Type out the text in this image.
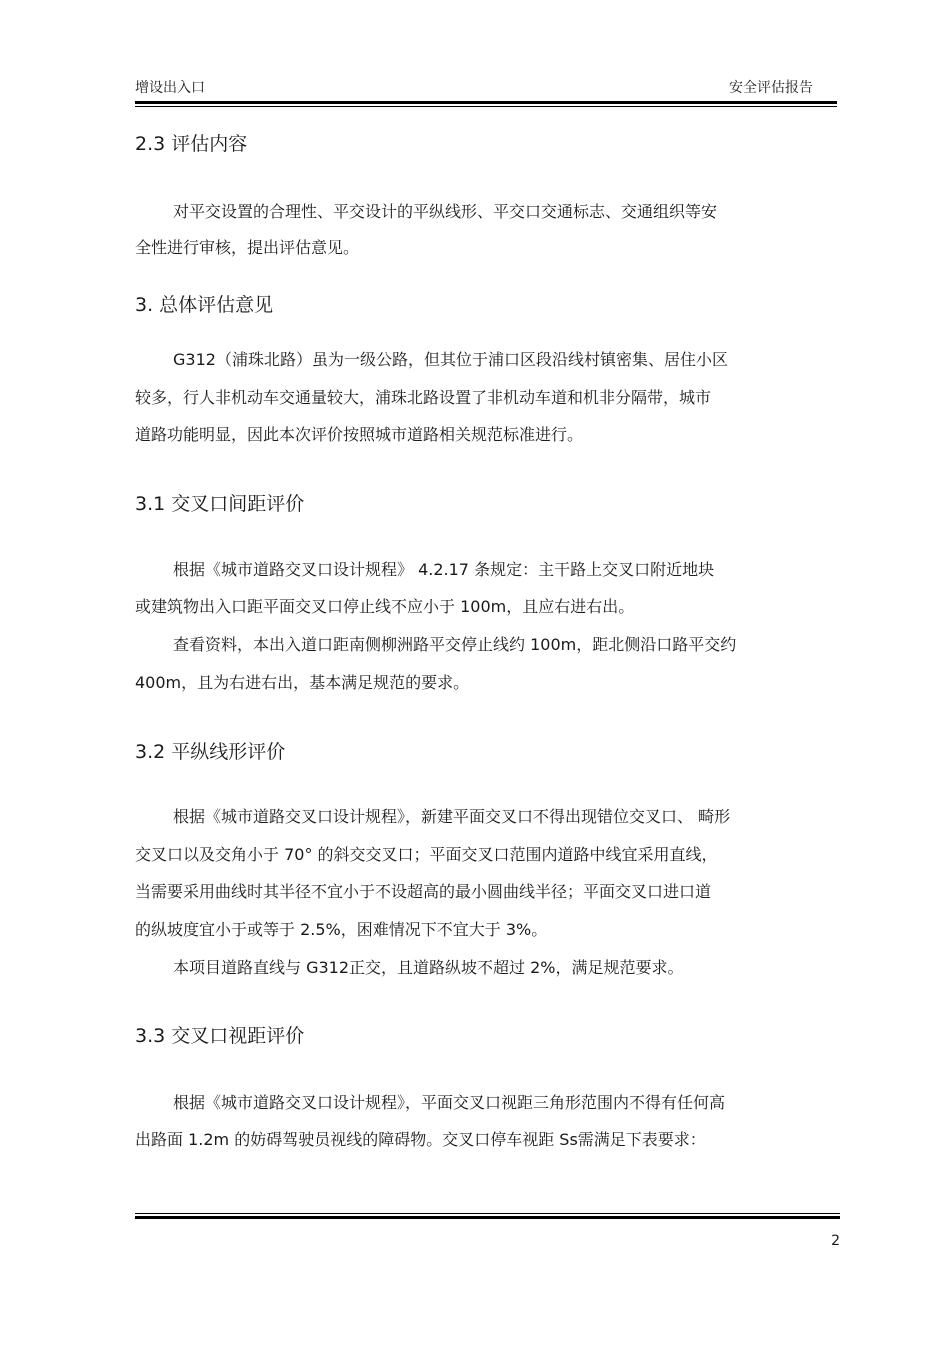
增设出入口	安全评估报告
2.3 评估内容
对平交设置的合理性、平交设计的平纵线形、平交口交通标志、交通组织等安
全性进行审核，提出评估意见。
3. 总体评估意见
G312（浦珠北路）虽为一级公路，但其位于浦口区段沿线村镇密集、居住小区
较多，行人非机动车交通量较大，浦珠北路设置了非机动车道和机非分隔带，城市
道路功能明显，因此本次评价按照城市道路相关规范标准进行。
3.1 交叉口间距评价
根据《城市道路交叉口设计规程》 4.2.17 条规定：主干路上交叉口附近地块
或建筑物出入口距平面交叉口停止线不应小于 100m，且应右进右出。
查看资料，本出入道口距南侧柳洲路平交停止线约 100m，距北侧沿口路平交约
400m，且为右进右出，基本满足规范的要求。
3.2 平纵线形评价
根据《城市道路交叉口设计规程》，新建平面交叉口不得出现错位交叉口、 畸形
交叉口以及交角小于 70° 的斜交交叉口；平面交叉口范围内道路中线宜采用直线，
当需要采用曲线时其半径不宜小于不设超高的最小圆曲线半径；平面交叉口进口道
的纵坡度宜小于或等于 2.5%，困难情况下不宜大于 3%。
本项目道路直线与 G312正交，且道路纵坡不超过 2%，满足规范要求。
3.3 交叉口视距评价
根据《城市道路交叉口设计规程》，平面交叉口视距三角形范围内不得有任何高
出路面 1.2m 的妨碍驾驶员视线的障碍物。交叉口停车视距 Ss需满足下表要求：
2
